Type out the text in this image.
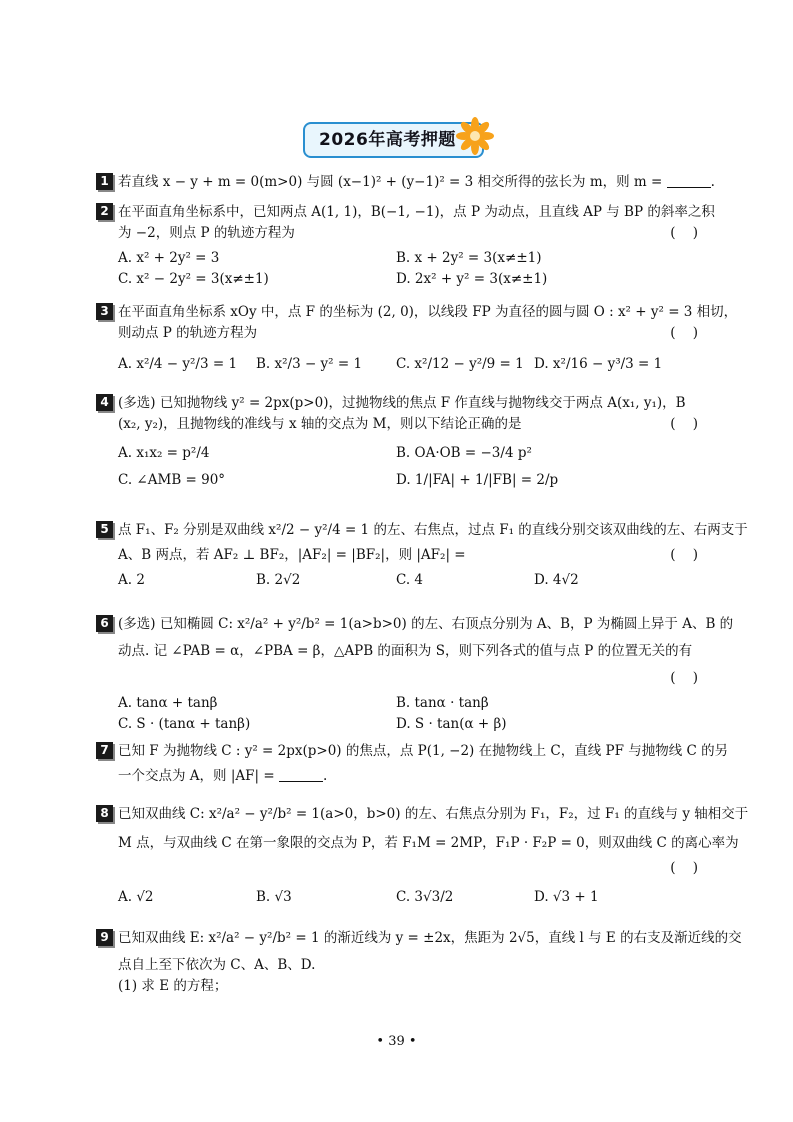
2026年高考押题
1 若直线 x − y + m = 0(m>0) 与圆 (x−1)² + (y−1)² = 3 相交所得的弦长为 m，则 m =	.
2 在平面直角坐标系中，已知两点 A(1, 1)，B(−1, −1)，点 P 为动点，且直线 AP 与 BP 的斜率之积
为 −2，则点 P 的轨迹方程为	(    )
A. x² + 2y² = 3	B. x + 2y² = 3(x≠±1)
C. x² − 2y² = 3(x≠±1)	D. 2x² + y² = 3(x≠±1)
3 在平面直角坐标系 xOy 中，点 F 的坐标为 (2, 0)，以线段 FP 为直径的圆与圆 O : x² + y² = 3 相切，
则动点 P 的轨迹方程为	(    )
A. x²/4 − y²/3 = 1 B. x²/3 − y² = 1	C. x²/12 − y²/9 = 1 D. x²/16 − y³/3 = 1
4 (多选) 已知抛物线 y² = 2px(p>0)，过抛物线的焦点 F 作直线与抛物线交于两点 A(x₁, y₁)，B
(x₂, y₂)，且抛物线的准线与 x 轴的交点为 M，则以下结论正确的是	(    )
A. x₁x₂ = p²/4	B. OA·OB = −3/4 p²
C. ∠AMB = 90°	D. 1/|FA| + 1/|FB| = 2/p
5 点 F₁、F₂ 分别是双曲线 x²/2 − y²/4 = 1 的左、右焦点，过点 F₁ 的直线分别交该双曲线的左、右两支于
A、B 两点，若 AF₂ ⊥ BF₂，|AF₂| = |BF₂|，则 |AF₂| =	(    )
A. 2	B. 2√2	C. 4	D. 4√2
6 (多选) 已知椭圆 C: x²/a² + y²/b² = 1(a>b>0) 的左、右顶点分别为 A、B，P 为椭圆上异于 A、B 的
动点. 记 ∠PAB = α，∠PBA = β，△APB 的面积为 S，则下列各式的值与点 P 的位置无关的有
(    )

A. tanα + tanβ	B. tanα · tanβ
C. S · (tanα + tanβ)	D. S · tan(α + β)
7 已知 F 为抛物线 C : y² = 2px(p>0) 的焦点，点 P(1, −2) 在抛物线上 C，直线 PF 与抛物线 C 的另
一个交点为 A，则 |AF| =	.
8 已知双曲线 C: x²/a² − y²/b² = 1(a>0，b>0) 的左、右焦点分别为 F₁，F₂，过 F₁ 的直线与 y 轴相交于
M 点，与双曲线 C 在第一象限的交点为 P，若 F₁M = 2MP，F₁P · F₂P = 0，则双曲线 C 的离心率为
(    )

A. √2	B. √3	C. 3√3/2	D. √3 + 1
9 已知双曲线 E: x²/a² − y²/b² = 1 的渐近线为 y = ±2x，焦距为 2√5，直线 l 与 E 的右支及渐近线的交
点自上至下依次为 C、A、B、D.
(1) 求 E 的方程；
• 39 •
